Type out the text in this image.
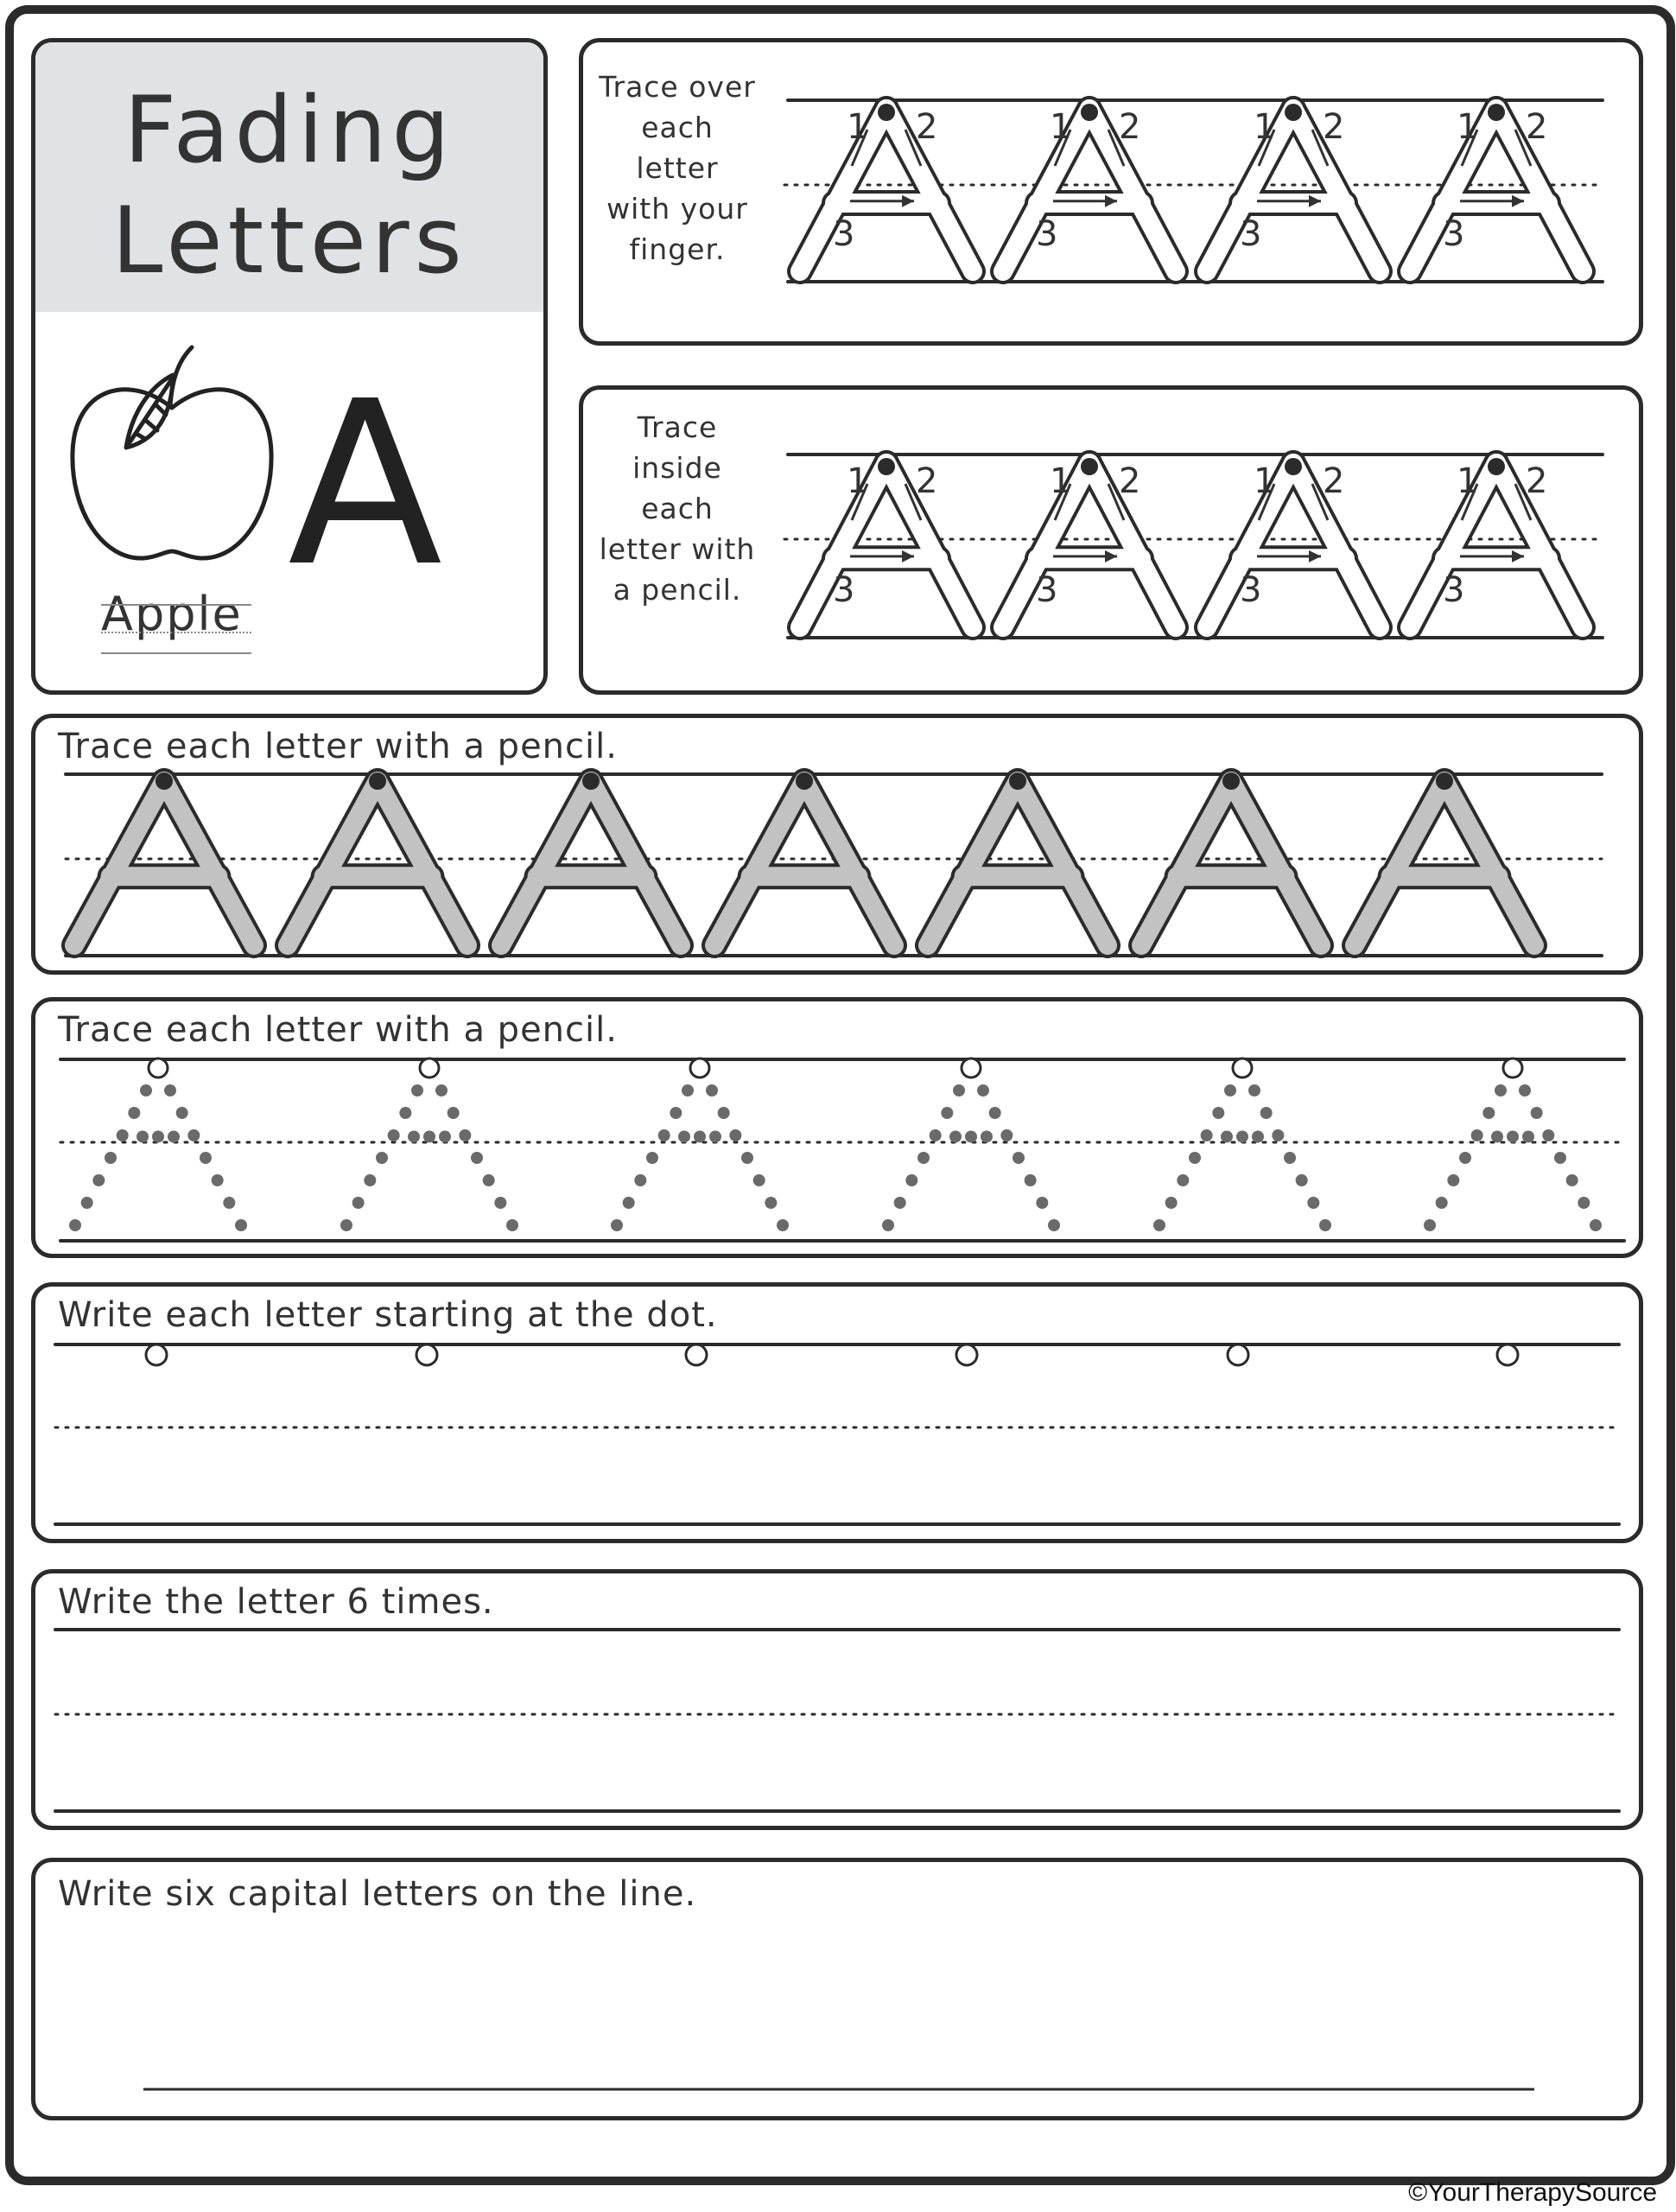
Fading
Letters
A
Apple
Trace over
each letter
with your
finger.
Trace
inside each
letter with
a pencil.
Trace each letter with a pencil.
Trace each letter with a pencil.
Write each letter starting at the dot.
Write the letter 6 times.
Write six capital letters on the line.
©YourTherapySource
1 2
3
1 2
3
1 2
3
1 2
3
1 2
3
1 2
3
1 2
3
1 2
3
